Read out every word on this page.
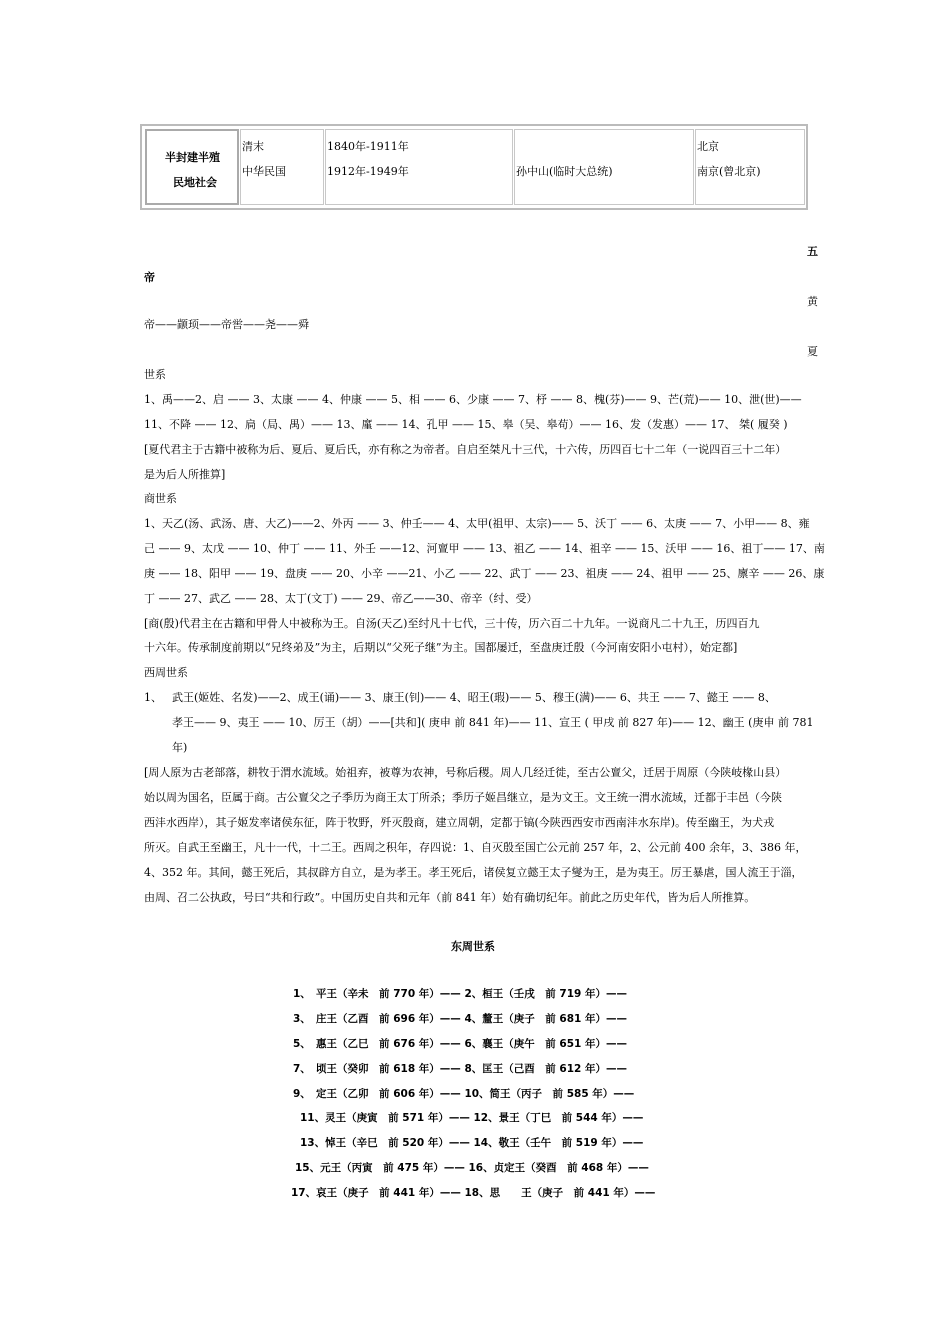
半封建半殖
民地社会
清末
中华民国
1840年-1911年
1912年-1949年	孙中山(临时大总统)
北京
南京(曾北京)
五
帝
黄
帝——颛顼——帝喾——尧——舜
夏
世系
1、禹——2、启 —— 3、太康 —— 4、仲康 —— 5、相 —— 6、少康 —— 7、杼 —— 8、槐(芬)—— 9、芒(荒)—— 10、泄(世)——
11、不降 —— 12、扃（局、禺）—— 13、廑 —— 14、孔甲 —— 15、皋（吴、皋苟）—— 16、发（发惠）—— 17、 桀( 履癸 )
[夏代君主于古籍中被称为后、夏后、夏后氏，亦有称之为帝者。自启至桀凡十三代，十六传，历四百七十二年（一说四百三十二年）
是为后人所推算]
商世系
1、天乙(汤、武汤、唐、大乙)——2、外丙 —— 3、仲壬—— 4、太甲(祖甲、太宗)—— 5、沃丁 —— 6、太庚 —— 7、小甲—— 8、雍
己 —— 9、太戊 —— 10、仲丁 —— 11、外壬 ——12、河亶甲 —— 13、祖乙 —— 14、祖辛 —— 15、沃甲 —— 16、祖丁—— 17、南
庚 —— 18、阳甲 —— 19、盘庚 —— 20、小辛 ——21、小乙 —— 22、武丁 —— 23、祖庚 —— 24、祖甲 —— 25、廪辛 —— 26、康
丁 —— 27、武乙 —— 28、太丁(文丁) —— 29、帝乙——30、帝辛（纣、受）
[商(殷)代君主在古籍和甲骨人中被称为王。自汤(天乙)至纣凡十七代，三十传，历六百二十九年。一说商凡二十九王，历四百九
十六年。传承制度前期以“兄终弟及”为主，后期以“父死子继”为主。国都屡迁，至盘庚迁殷（今河南安阳小屯村），始定都]
西周世系
1、 武王(姬姓、名发)——2、成王(诵)—— 3、康王(钊)—— 4、昭王(瑕)—— 5、穆王(满)—— 6、共王 —— 7、懿王 —— 8、
孝王—— 9、夷王 —— 10、厉王（胡）——[共和]( 庚申 前 841 年)—— 11、宣王 ( 甲戌 前 827 年)—— 12、幽王 (庚申 前 781
年)
[周人原为古老部落，耕牧于渭水流域。始祖弃，被尊为农神，号称后稷。周人几经迁徙，至古公亶父，迁居于周原（今陕岐椽山县）
始以周为国名，臣属于商。古公亶父之子季历为商王太丁所杀；季历子姬昌继立，是为文王。文王统一渭水流域，迁都于丰邑（今陕
西沣水西岸），其子姬发率诸侯东征，阵于牧野，歼灭殷商，建立周朝，定都于镐(今陕西西安市西南沣水东岸)。传至幽王，为犬戎
所灭。自武王至幽王，凡十一代，十二王。西周之积年，存四说：1、自灭殷至国亡公元前 257 年，2、公元前 400 余年，3、386 年，
4、352 年。其间，懿王死后，其叔辟方自立，是为孝王。孝王死后，诸侯复立懿王太子燮为王，是为夷王。厉王暴虐，国人流王于淄，
由周、召二公执政，号曰“共和行政”。中国历史自共和元年（前 841 年）始有确切纪年。前此之历史年代，皆为后人所推算。
东周世系
1、　平王（辛未　前 770 年）—— 2、桓王（壬戌　前 719 年）——
3、　庄王（乙酉　前 696 年）—— 4、釐王（庚子　前 681 年）——
5、　惠王（乙巳　前 676 年）—— 6、襄王（庚午　前 651 年）——
7、　顷王（癸卯　前 618 年）—— 8、匡王（己酉　前 612 年）——
9、　定王（乙卯　前 606 年）—— 10、简王（丙子　前 585 年）——
11、灵王（庚寅　前 571 年）—— 12、景王（丁巳　前 544 年）——
13、悼王（辛巳　前 520 年）—— 14、敬王（壬午　前 519 年）——
15、元王（丙寅　前 475 年）—— 16、贞定王（癸酉　前 468 年）——
17、哀王（庚子　前 441 年）—— 18、思　　王（庚子　前 441 年）——
